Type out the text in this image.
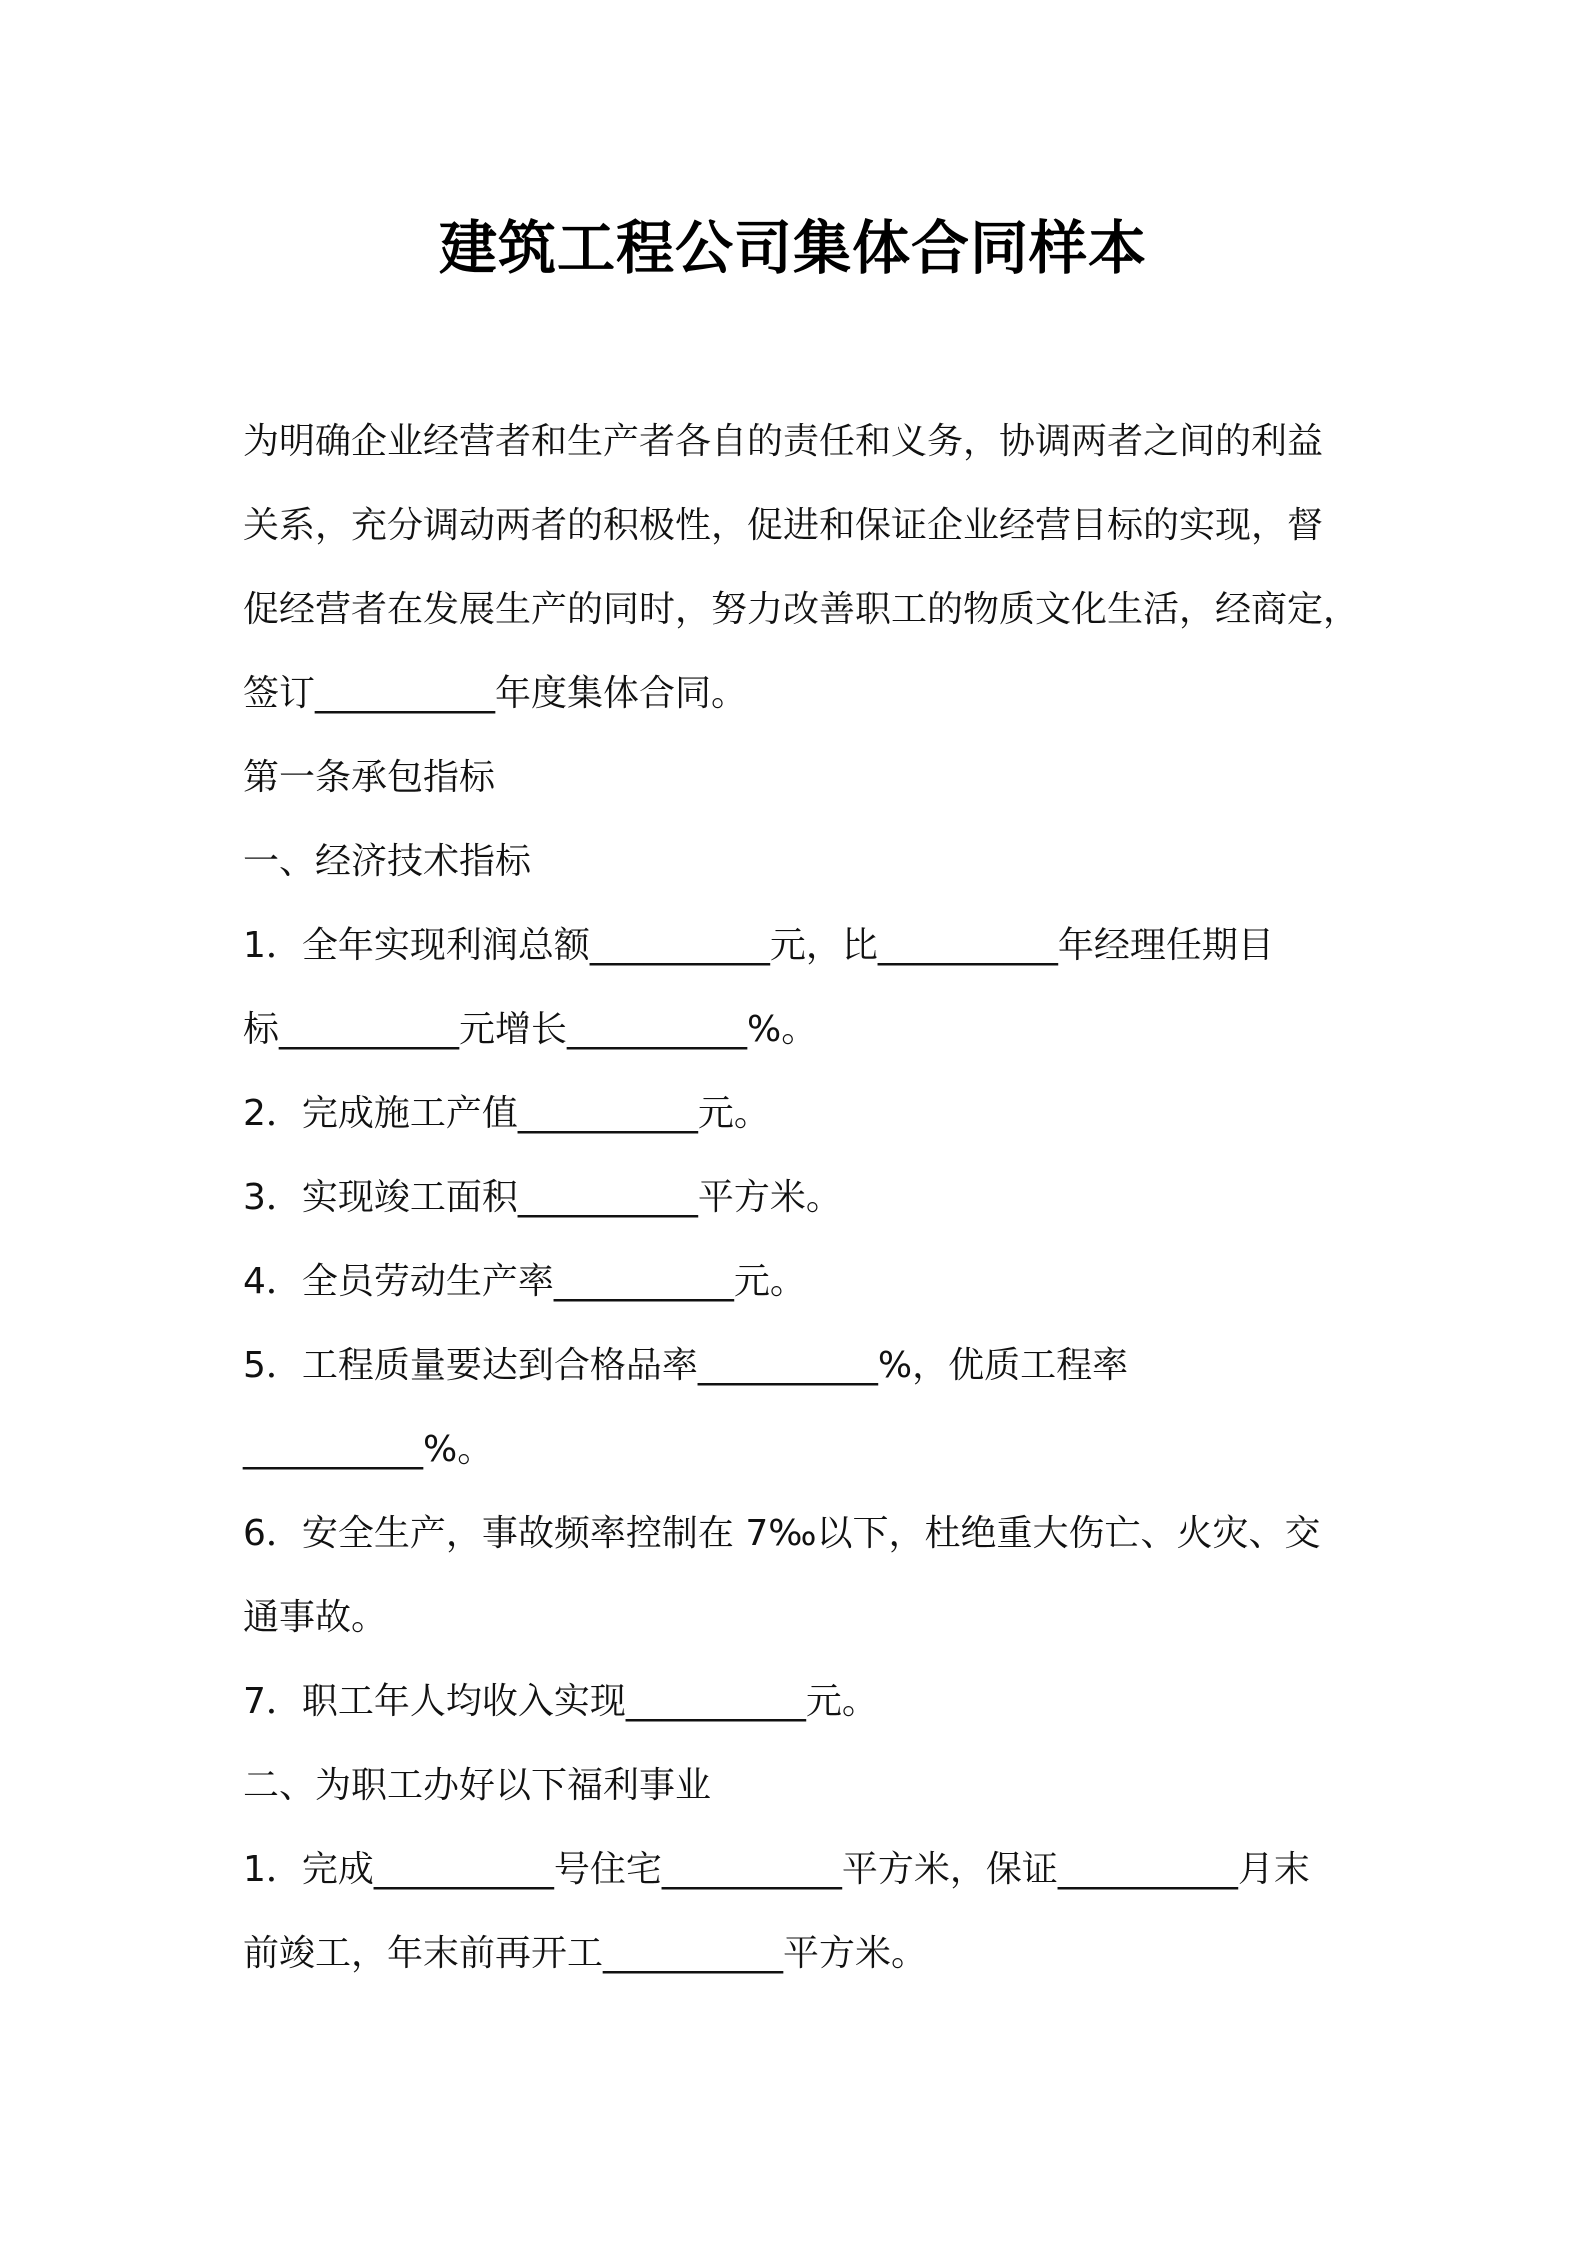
建筑工程公司集体合同样本

为明确企业经营者和生产者各自的责任和义务，协调两者之间的利益

关系，充分调动两者的积极性，促进和保证企业经营目标的实现，督

促经营者在发展生产的同时，努力改善职工的物质文化生活，经商定，

签订__________年度集体合同。

第一条承包指标

一、经济技术指标

1．全年实现利润总额__________元，比__________年经理任期目

标__________元增长__________%。

2．完成施工产值__________元。

3．实现竣工面积__________平方米。

4．全员劳动生产率__________元。

5．工程质量要达到合格品率__________%，优质工程率

__________%。

6．安全生产，事故频率控制在 7‰以下，杜绝重大伤亡、火灾、交

通事故。

7．职工年人均收入实现__________元。

二、为职工办好以下福利事业

1．完成__________号住宅__________平方米，保证__________月末

前竣工，年末前再开工__________平方米。
